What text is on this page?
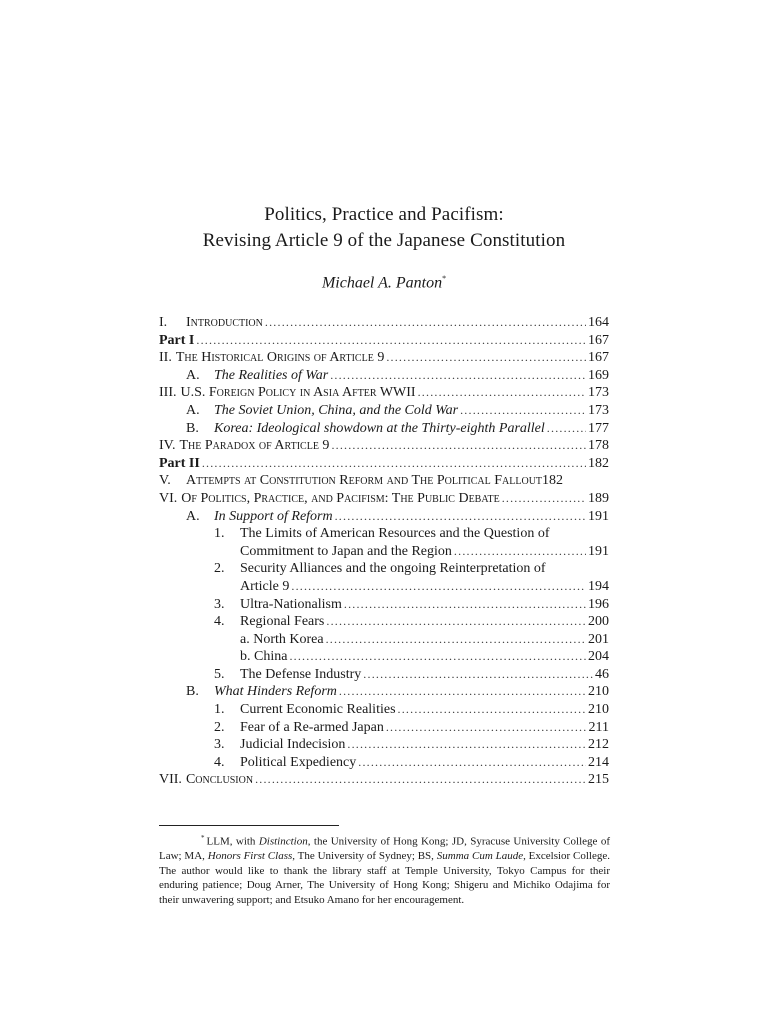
Politics, Practice and Pacifism:
Revising Article 9 of the Japanese Constitution
Michael A. Panton*
I.	Introduction .....	164
Part I .....	167
II. The Historical Origins of Article 9 .....	167
A.	The Realities of War .....	169
III. U.S. Foreign Policy in Asia After WWII .....	173
A.	The Soviet Union, China, and the Cold War .....	173
B.	Korea: Ideological showdown at the Thirty-eighth Parallel .....	177
IV. The Paradox of Article 9 .....	178
Part II .....	182
V.	Attempts at Constitution Reform and The Political Fallout 182
VI. Of Politics, Practice, and Pacifism: The Public Debate .....	189
A.	In Support of Reform .....	191
1.	The Limits of American Resources and the Question of
Commitment to Japan and the Region .....	191
2.	Security Alliances and the ongoing Reinterpretation of
Article 9 .....	194
3.	Ultra-Nationalism .....	196
4.	Regional Fears .....	200
a. North Korea .....	201
b. China .....	204
5.	The Defense Industry .....	46
B.	What Hinders Reform .....	210
1.	Current Economic Realities .....	210
2.	Fear of a Re-armed Japan .....	211
3.	Judicial Indecision .....	212
4.	Political Expediency .....	214
VII. Conclusion .....	215
* LLM, with Distinction, the University of Hong Kong; JD, Syracuse University College of Law; MA, Honors First Class, The University of Sydney; BS, Summa Cum Laude, Excelsior College. The author would like to thank the library staff at Temple University, Tokyo Campus for their enduring patience; Doug Arner, The University of Hong Kong; Shigeru and Michiko Odajima for their unwavering support; and Etsuko Amano for her encouragement.
